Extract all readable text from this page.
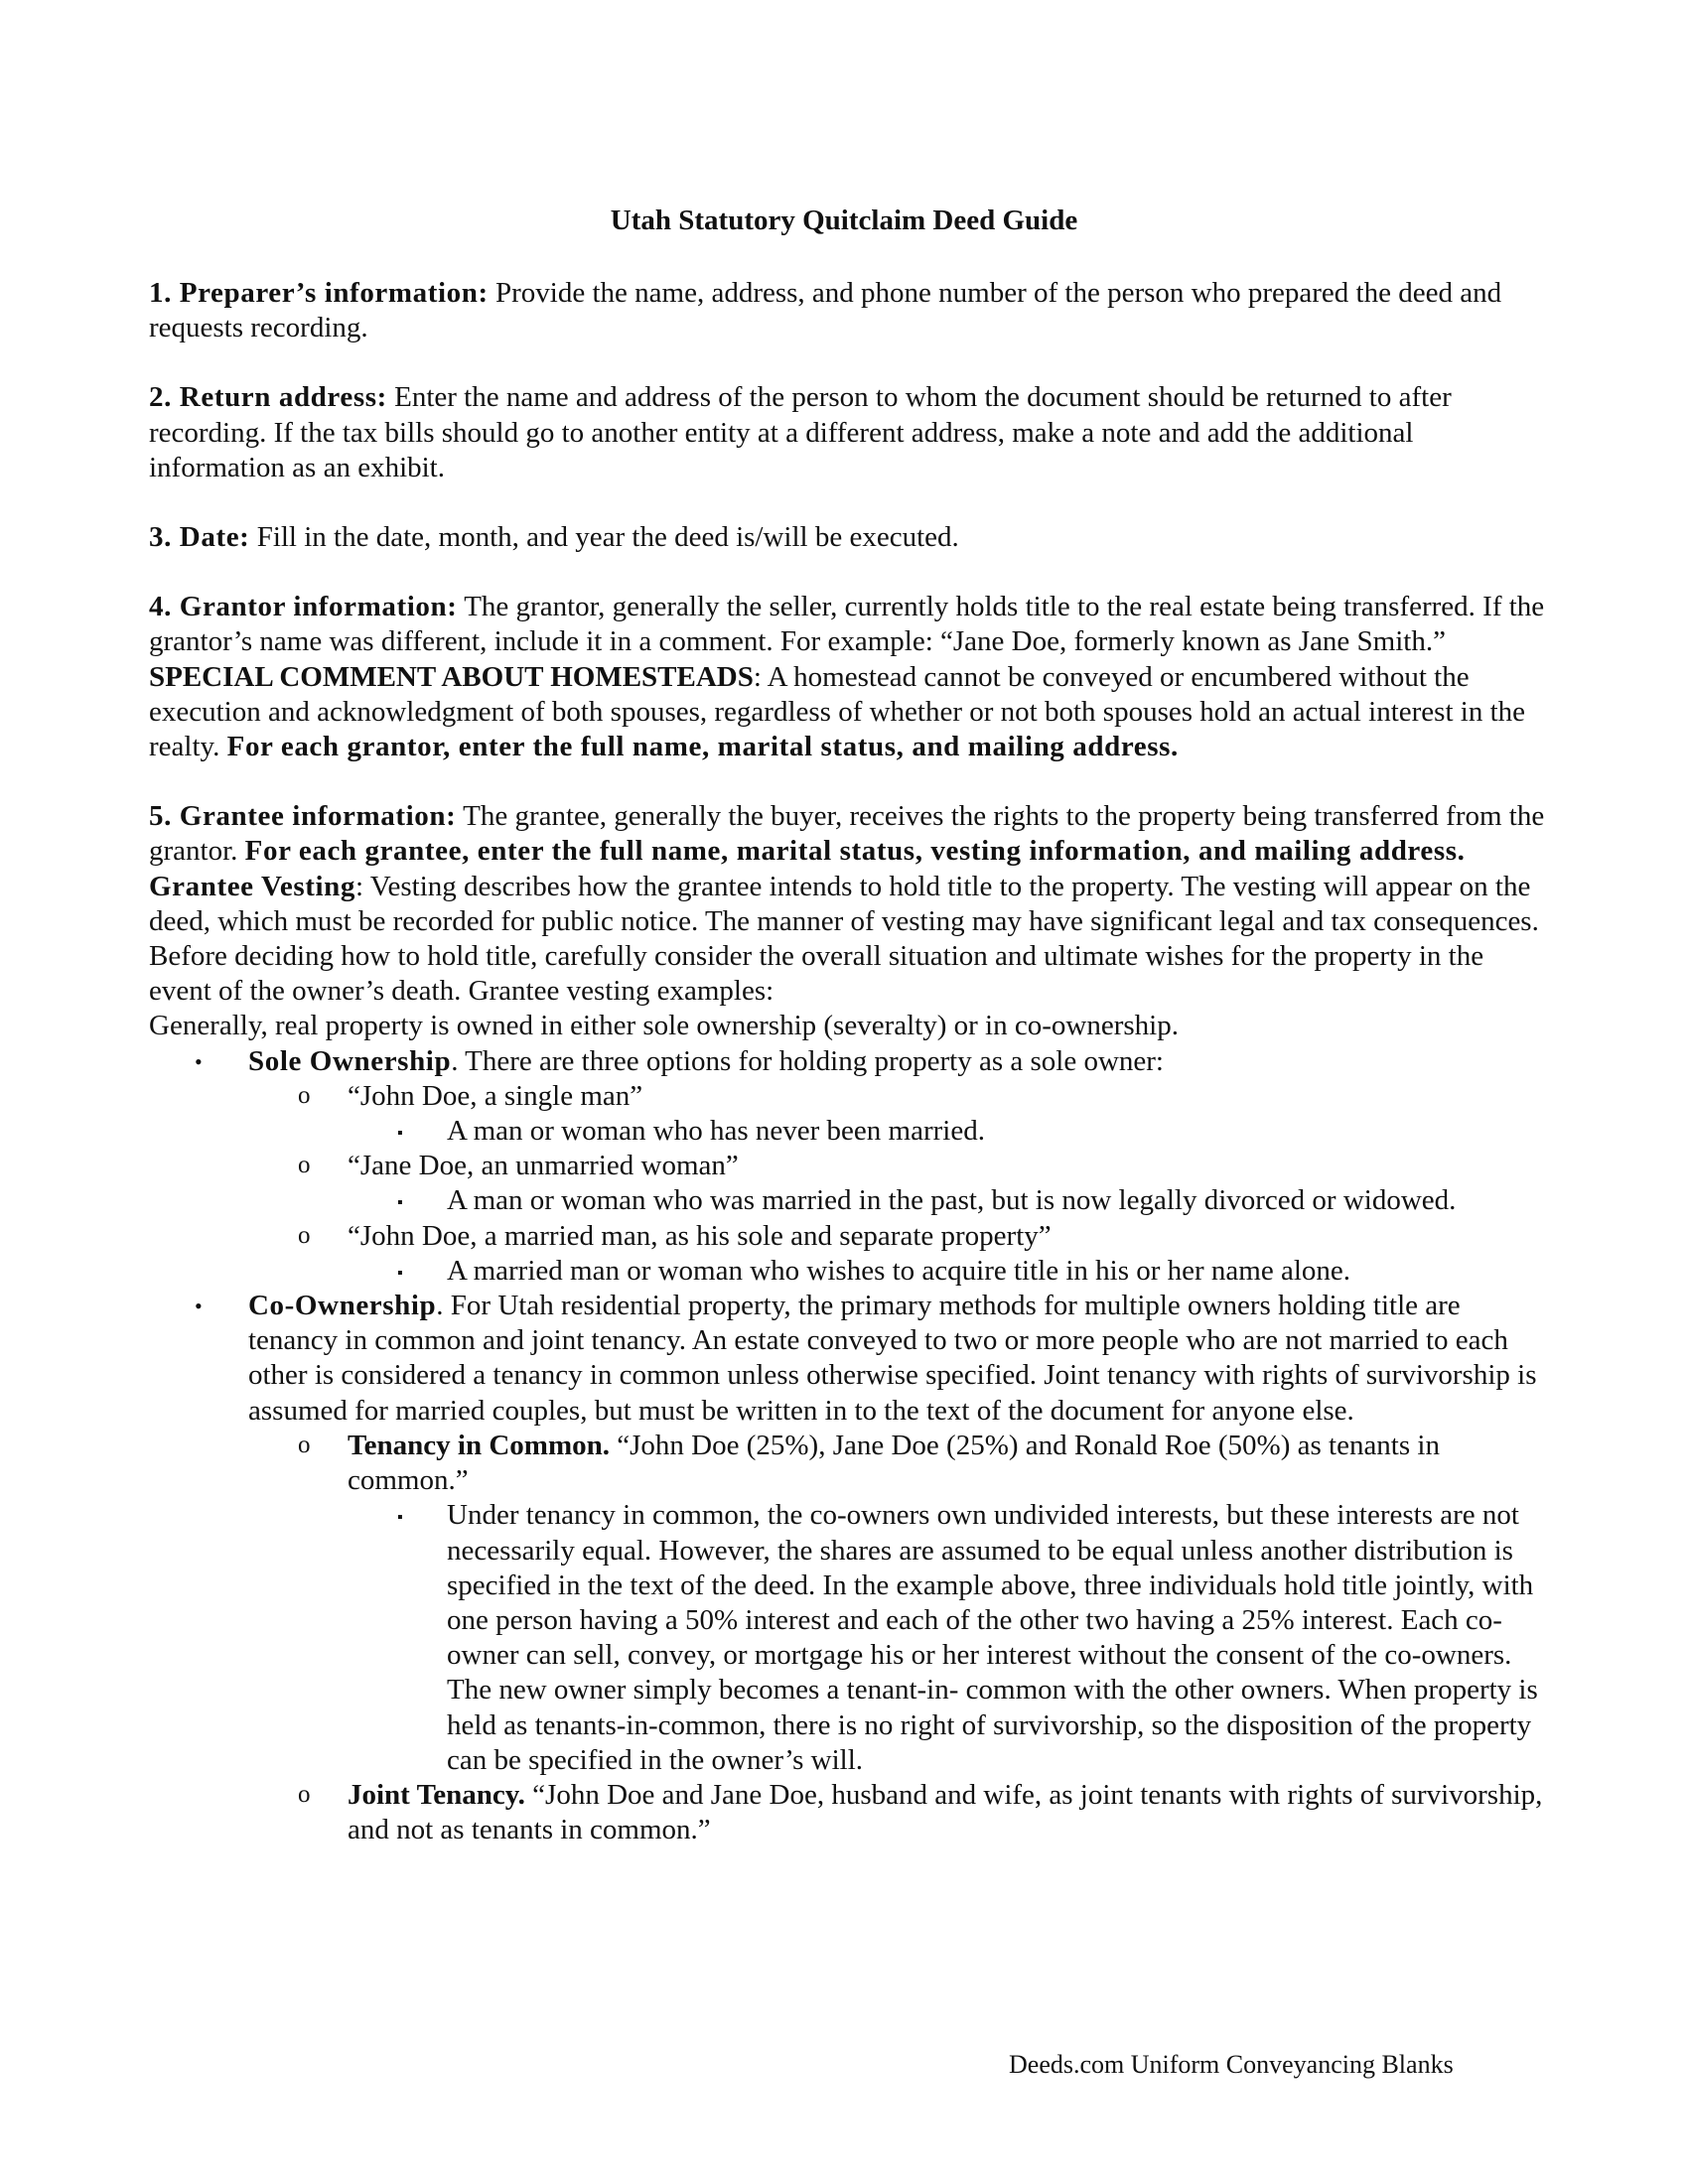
Utah Statutory Quitclaim Deed Guide

1. Preparer’s information: Provide the name, address, and phone number of the person who prepared the deed and requests recording.

2. Return address: Enter the name and address of the person to whom the document should be returned to after recording. If the tax bills should go to another entity at a different address, make a note and add the additional information as an exhibit.

3. Date: Fill in the date, month, and year the deed is/will be executed.

4. Grantor information: The grantor, generally the seller, currently holds title to the real estate being transferred. If the grantor’s name was different, include it in a comment. For example: “Jane Doe, formerly known as Jane Smith.” SPECIAL COMMENT ABOUT HOMESTEADS: A homestead cannot be conveyed or encumbered without the execution and acknowledgment of both spouses, regardless of whether or not both spouses hold an actual interest in the realty. For each grantor, enter the full name, marital status, and mailing address.

5. Grantee information: The grantee, generally the buyer, receives the rights to the property being transferred from the grantor. For each grantee, enter the full name, marital status, vesting information, and mailing address.

Grantee Vesting: Vesting describes how the grantee intends to hold title to the property. The vesting will appear on the deed, which must be recorded for public notice. The manner of vesting may have significant legal and tax consequences. Before deciding how to hold title, carefully consider the overall situation and ultimate wishes for the property in the event of the owner’s death. Grantee vesting examples:

Generally, real property is owned in either sole ownership (severalty) or in co-ownership.

• Sole Ownership. There are three options for holding property as a sole owner:
o “John Doe, a single man”
▪ A man or woman who has never been married.
o “Jane Doe, an unmarried woman”
▪ A man or woman who was married in the past, but is now legally divorced or widowed.
o “John Doe, a married man, as his sole and separate property”
▪ A married man or woman who wishes to acquire title in his or her name alone.
• Co-Ownership. For Utah residential property, the primary methods for multiple owners holding title are tenancy in common and joint tenancy. An estate conveyed to two or more people who are not married to each other is considered a tenancy in common unless otherwise specified. Joint tenancy with rights of survivorship is assumed for married couples, but must be written in to the text of the document for anyone else.
o Tenancy in Common. “John Doe (25%), Jane Doe (25%) and Ronald Roe (50%) as tenants in common.”
▪ Under tenancy in common, the co-owners own undivided interests, but these interests are not necessarily equal. However, the shares are assumed to be equal unless another distribution is specified in the text of the deed. In the example above, three individuals hold title jointly, with one person having a 50% interest and each of the other two having a 25% interest. Each co-owner can sell, convey, or mortgage his or her interest without the consent of the co-owners. The new owner simply becomes a tenant-in- common with the other owners. When property is held as tenants-in-common, there is no right of survivorship, so the disposition of the property can be specified in the owner’s will.
o Joint Tenancy. “John Doe and Jane Doe, husband and wife, as joint tenants with rights of survivorship, and not as tenants in common.”
Deeds.com Uniform Conveyancing Blanks
